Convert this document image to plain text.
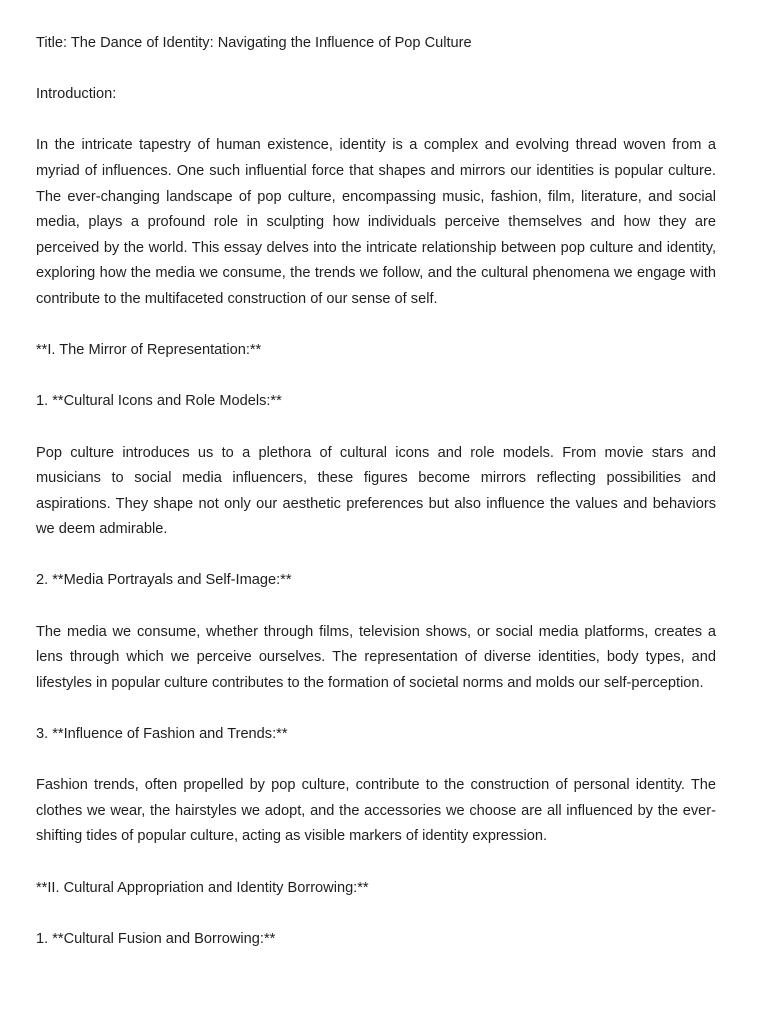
Title: The Dance of Identity: Navigating the Influence of Pop Culture

Introduction:

In the intricate tapestry of human existence, identity is a complex and evolving thread woven from a myriad of influences. One such influential force that shapes and mirrors our identities is popular culture. The ever-changing landscape of pop culture, encompassing music, fashion, film, literature, and social media, plays a profound role in sculpting how individuals perceive themselves and how they are perceived by the world. This essay delves into the intricate relationship between pop culture and identity, exploring how the media we consume, the trends we follow, and the cultural phenomena we engage with contribute to the multifaceted construction of our sense of self.

**I. The Mirror of Representation:**

1. **Cultural Icons and Role Models:**

Pop culture introduces us to a plethora of cultural icons and role models. From movie stars and musicians to social media influencers, these figures become mirrors reflecting possibilities and aspirations. They shape not only our aesthetic preferences but also influence the values and behaviors we deem admirable.

2. **Media Portrayals and Self-Image:**

The media we consume, whether through films, television shows, or social media platforms, creates a lens through which we perceive ourselves. The representation of diverse identities, body types, and lifestyles in popular culture contributes to the formation of societal norms and molds our self-perception.

3. **Influence of Fashion and Trends:**

Fashion trends, often propelled by pop culture, contribute to the construction of personal identity. The clothes we wear, the hairstyles we adopt, and the accessories we choose are all influenced by the ever-shifting tides of popular culture, acting as visible markers of identity expression.

**II. Cultural Appropriation and Identity Borrowing:**

1. **Cultural Fusion and Borrowing:**
